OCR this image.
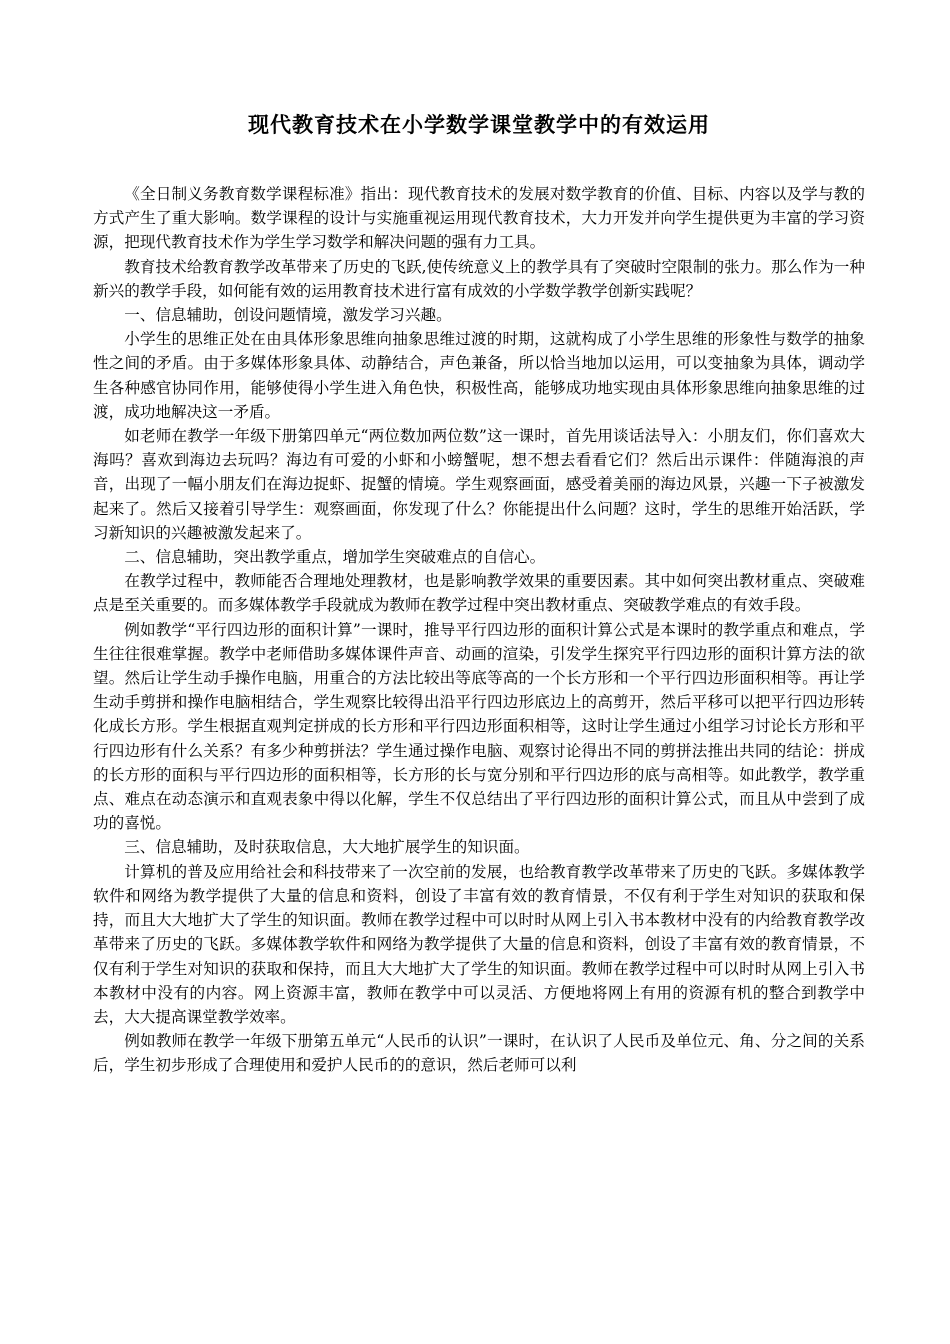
现代教育技术在小学数学课堂教学中的有效运用

《全日制义务教育数学课程标准》指出：现代教育技术的发展对数学教育的价值、目标、内容以及学与教的方式产生了重大影响。数学课程的设计与实施重视运用现代教育技术，大力开发并向学生提供更为丰富的学习资源，把现代教育技术作为学生学习数学和解决问题的强有力工具。

教育技术给教育教学改革带来了历史的飞跃,使传统意义上的教学具有了突破时空限制的张力。那么作为一种新兴的教学手段，如何能有效的运用教育技术进行富有成效的小学数学教学创新实践呢？

一、信息辅助，创设问题情境，激发学习兴趣。

小学生的思维正处在由具体形象思维向抽象思维过渡的时期，这就构成了小学生思维的形象性与数学的抽象性之间的矛盾。由于多媒体形象具体、动静结合，声色兼备，所以恰当地加以运用，可以变抽象为具体，调动学生各种感官协同作用，能够使得小学生进入角色快，积极性高，能够成功地实现由具体形象思维向抽象思维的过渡，成功地解决这一矛盾。

如老师在教学一年级下册第四单元“两位数加两位数”这一课时，首先用谈话法导入：小朋友们，你们喜欢大海吗？喜欢到海边去玩吗？海边有可爱的小虾和小螃蟹呢，想不想去看看它们？然后出示课件：伴随海浪的声音，出现了一幅小朋友们在海边捉虾、捉蟹的情境。学生观察画面，感受着美丽的海边风景，兴趣一下子被激发起来了。然后又接着引导学生：观察画面，你发现了什么？你能提出什么问题？这时，学生的思维开始活跃，学习新知识的兴趣被激发起来了。

二、信息辅助，突出教学重点，增加学生突破难点的自信心。

在教学过程中，教师能否合理地处理教材，也是影响教学效果的重要因素。其中如何突出教材重点、突破难点是至关重要的。而多媒体教学手段就成为教师在教学过程中突出教材重点、突破教学难点的有效手段。

例如教学“平行四边形的面积计算”一课时，推导平行四边形的面积计算公式是本课时的教学重点和难点，学生往往很难掌握。教学中老师借助多媒体课件声音、动画的渲染，引发学生探究平行四边形的面积计算方法的欲望。然后让学生动手操作电脑，用重合的方法比较出等底等高的一个长方形和一个平行四边形面积相等。再让学生动手剪拼和操作电脑相结合，学生观察比较得出沿平行四边形底边上的高剪开，然后平移可以把平行四边形转化成长方形。学生根据直观判定拼成的长方形和平行四边形面积相等，这时让学生通过小组学习讨论长方形和平行四边形有什么关系？有多少种剪拼法？学生通过操作电脑、观察讨论得出不同的剪拼法推出共同的结论：拼成的长方形的面积与平行四边形的面积相等，长方形的长与宽分别和平行四边形的底与高相等。如此教学，教学重点、难点在动态演示和直观表象中得以化解，学生不仅总结出了平行四边形的面积计算公式，而且从中尝到了成功的喜悦。

三、信息辅助，及时获取信息，大大地扩展学生的知识面。

计算机的普及应用给社会和科技带来了一次空前的发展，也给教育教学改革带来了历史的飞跃。多媒体教学软件和网络为教学提供了大量的信息和资料，创设了丰富有效的教育情景，不仅有利于学生对知识的获取和保持，而且大大地扩大了学生的知识面。教师在教学过程中可以时时从网上引入书本教材中没有的内给教育教学改革带来了历史的飞跃。多媒体教学软件和网络为教学提供了大量的信息和资料，创设了丰富有效的教育情景，不仅有利于学生对知识的获取和保持，而且大大地扩大了学生的知识面。教师在教学过程中可以时时从网上引入书本教材中没有的内容。网上资源丰富，教师在教学中可以灵活、方便地将网上有用的资源有机的整合到教学中去，大大提高课堂教学效率。

例如教师在教学一年级下册第五单元“人民币的认识”一课时，在认识了人民币及单位元、角、分之间的关系后，学生初步形成了合理使用和爱护人民币的的意识，然后老师可以利
